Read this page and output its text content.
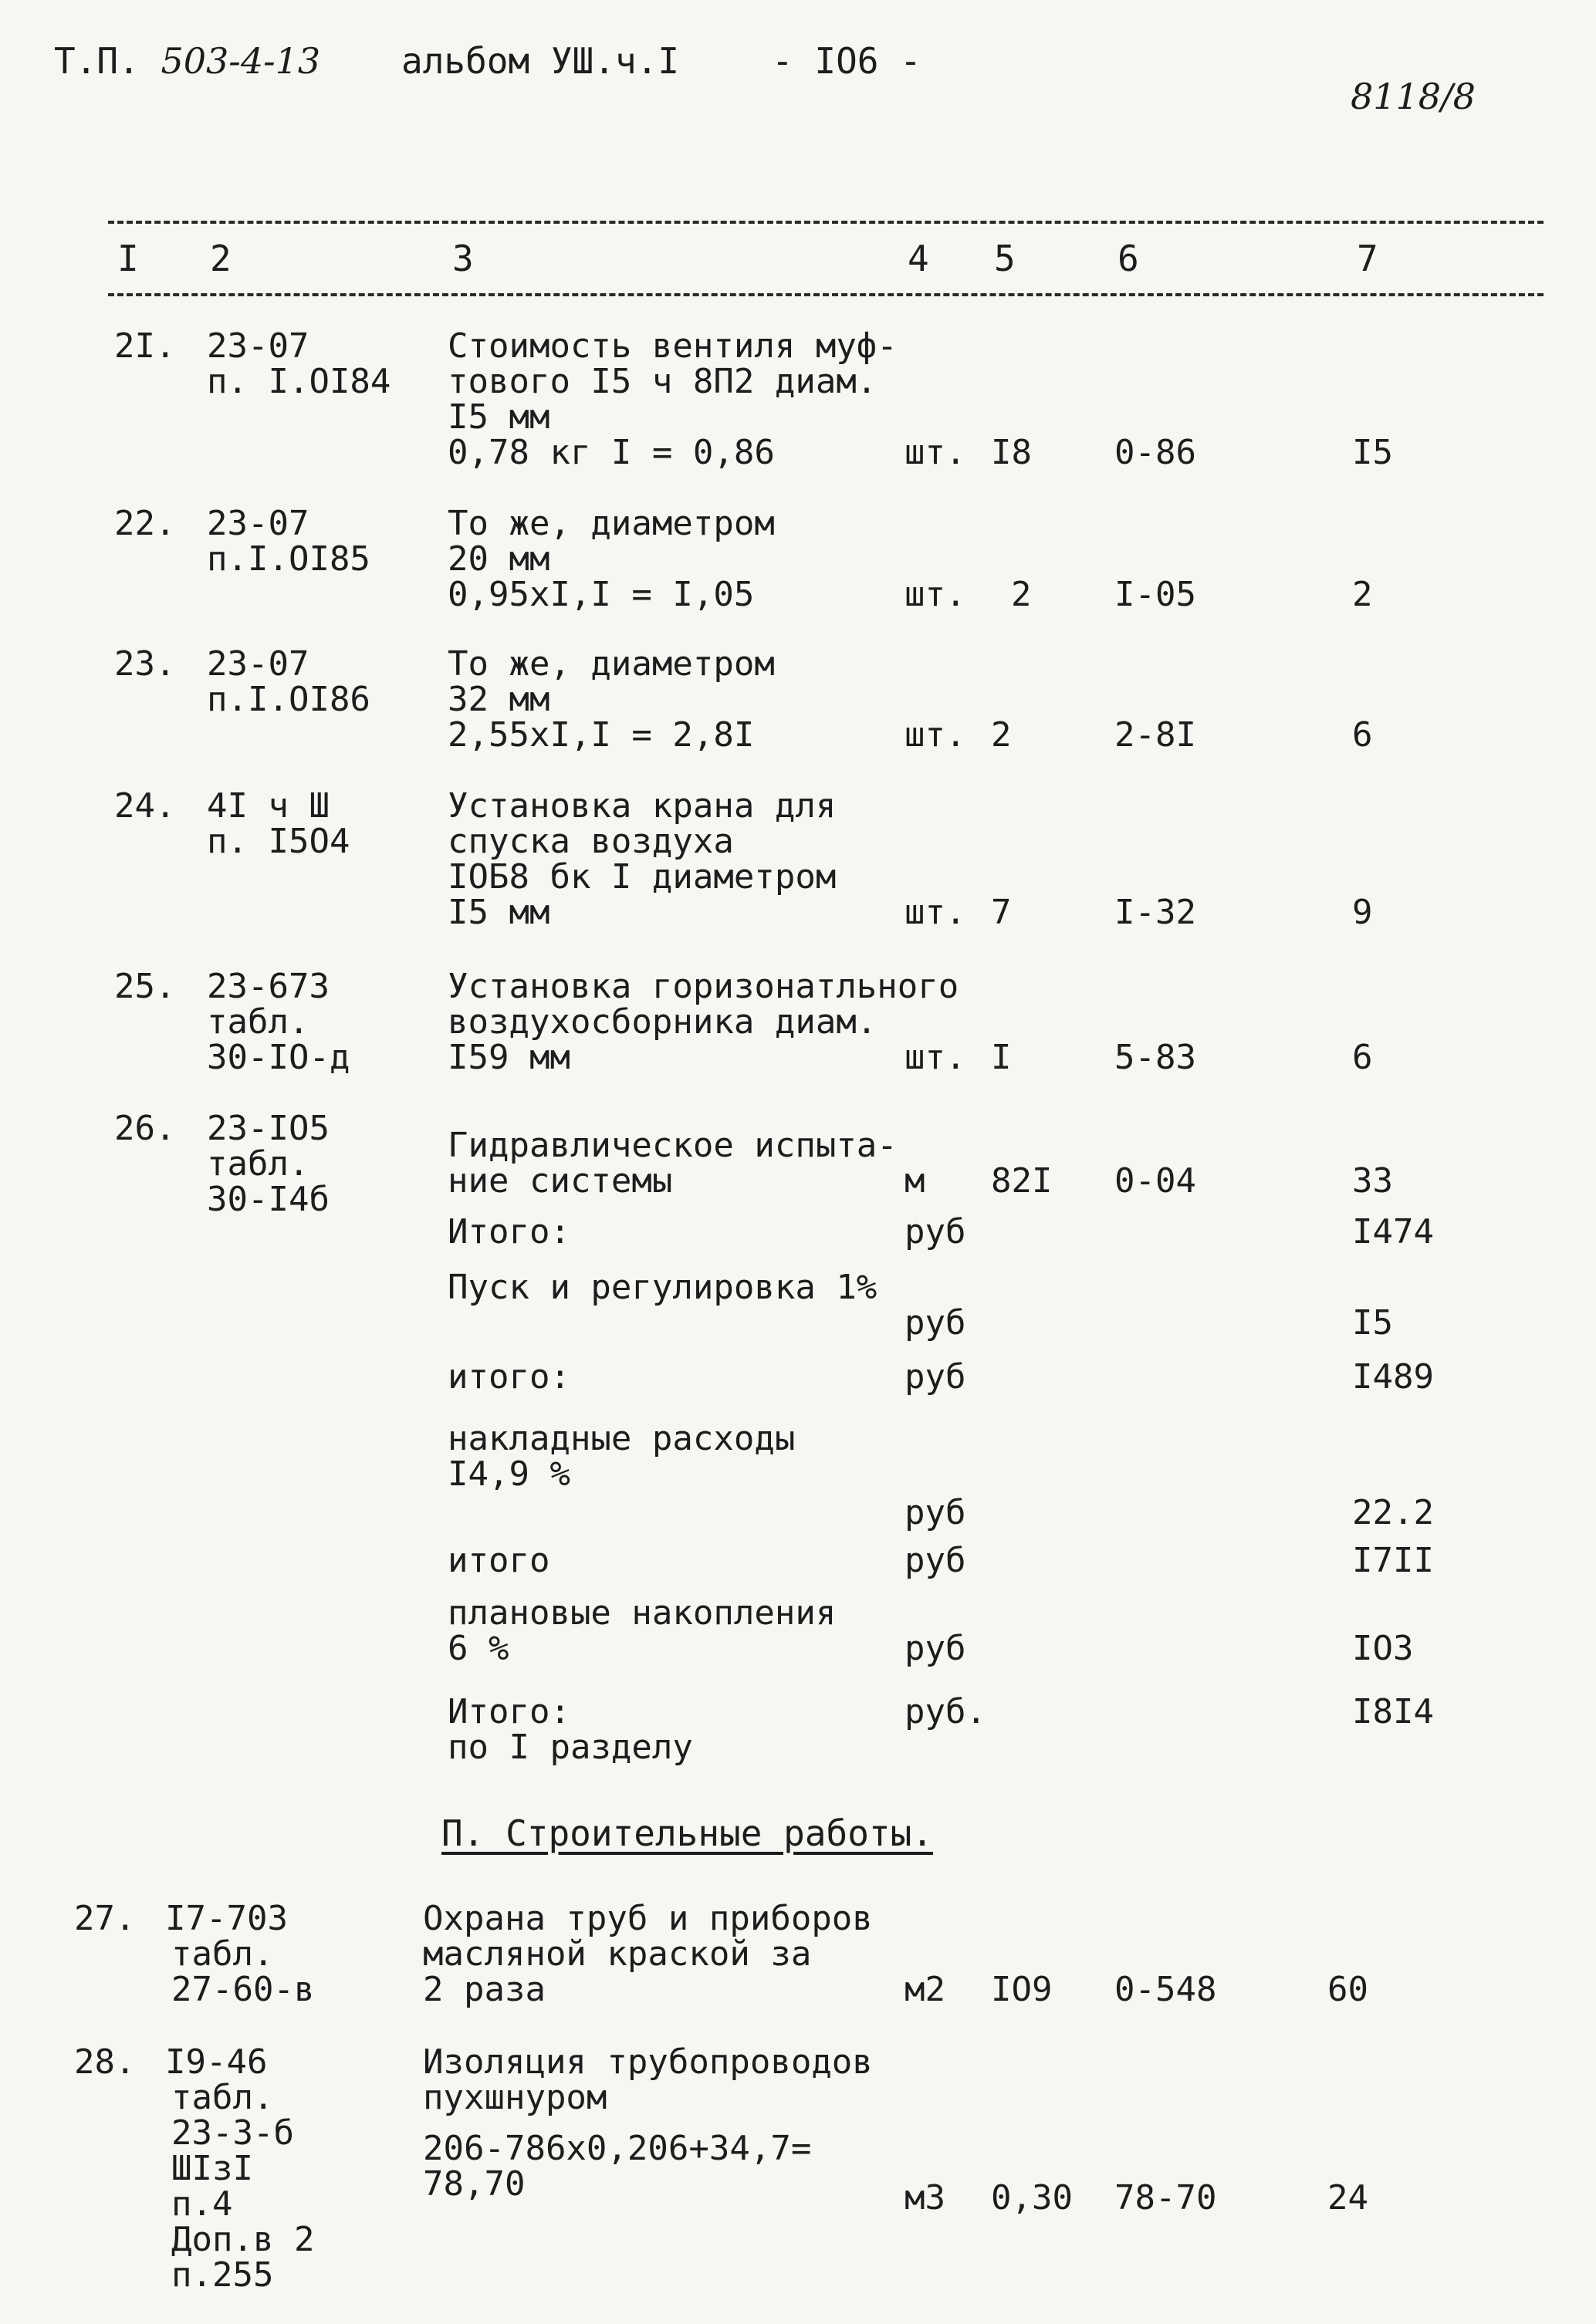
Т.П. 503-4-13 альбом УШ.ч.I	- IO6 -
8118/8
I 2	3	4 5	6	7
2I. 23-07
п. I.OI84
Стоимость вентиля муф-
тового I5 ч 8П2 диам.
I5 мм
0,78 кг I = 0,86	шт. I8 0-86	I5
22. 23-07
п.I.OI85
То же, диаметром
20 мм
0,95xI,I = I,05	шт. 2 I-05	2
23. 23-07
п.I.OI86
То же, диаметром
32 мм
2,55xI,I = 2,8I	шт. 2	2-8I	6
24. 4I ч Ш
п. I5O4
Установка крана для
спуска воздуха
IOБ8 бк I диаметром
I5 мм	шт. 7	I-32	9
25. 23-673
табл.
30-IO-д
Установка горизонатльного
воздухосборника диам.
I59 мм	шт. I	5-83	6
26. 23-IO5
табл.
30-I4б
Гидравлическое испыта-
ние системы	м 82I 0-04	33
Итого:	руб	I474
Пуск и регулировка 1%
руб	I5
итого:	руб	I489
накладные расходы
I4,9 %
руб	22.2
итого	руб	I7II
плановые накопления
6 %	руб	IO3
Итого:
по I разделу
руб.	I8I4
П. Строительные работы.
27. I7-703
табл.
27-60-в
Охрана труб и приборов
масляной краской за
2 раза	м2 IO9 0-548	60
28. I9-46
табл.
23-3-б
ШIзI
п.4
Доп.в 2
п.255
Изоляция трубопроводов
пухшнуром
206-786x0,206+34,7=
78,70	м3 0,30 78-70	24
